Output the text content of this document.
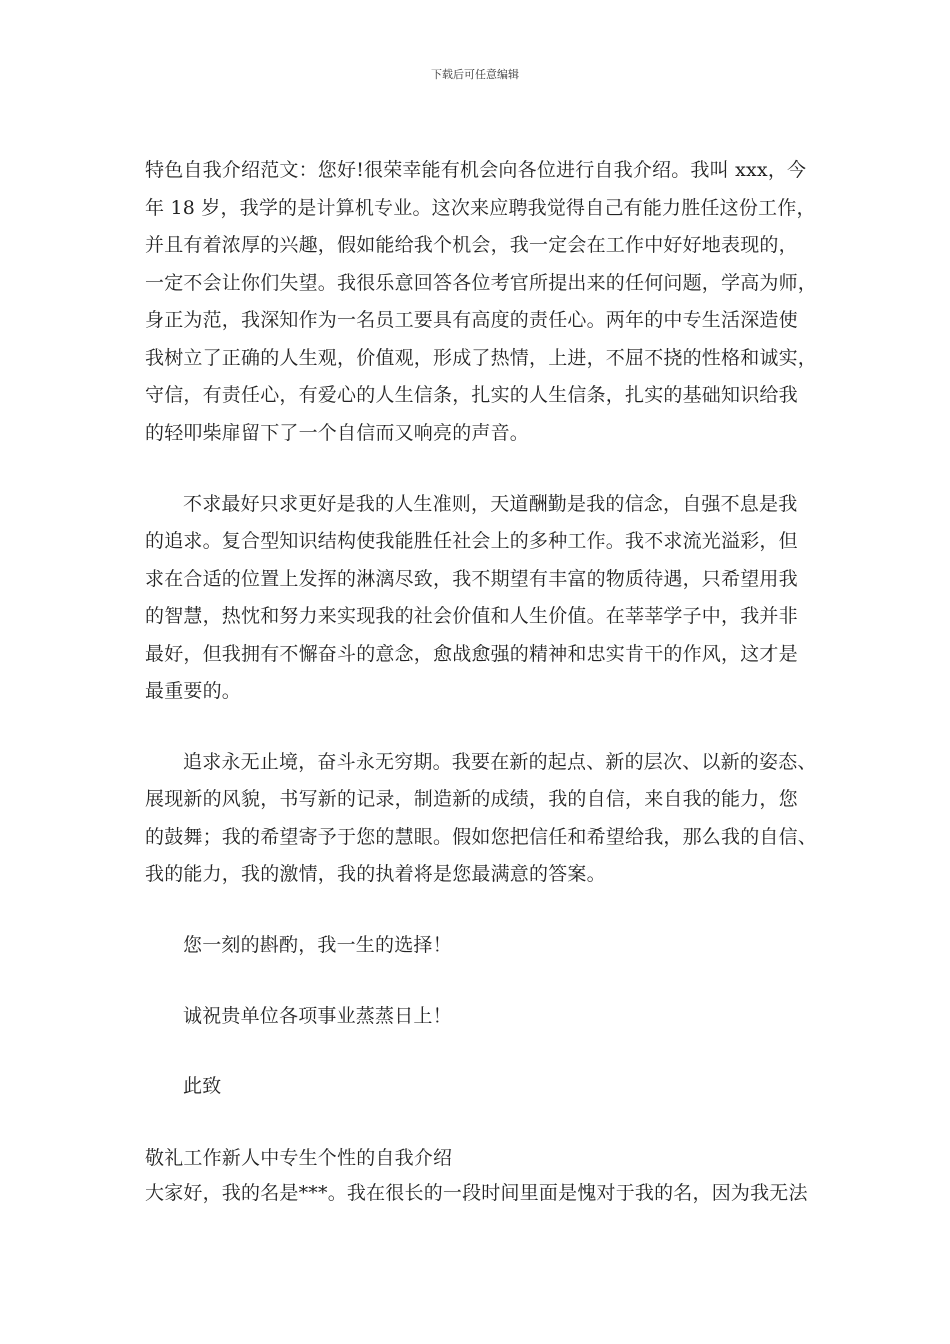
下载后可任意编辑
特色自我介绍范文：您好!很荣幸能有机会向各位进行自我介绍。我叫 xxx，今
年 18 岁，我学的是计算机专业。这次来应聘我觉得自己有能力胜任这份工作，
并且有着浓厚的兴趣，假如能给我个机会，我一定会在工作中好好地表现的，
一定不会让你们失望。我很乐意回答各位考官所提出来的任何问题，学高为师，
身正为范，我深知作为一名员工要具有高度的责任心。两年的中专生活深造使
我树立了正确的人生观，价值观，形成了热情，上进，不屈不挠的性格和诚实，
守信，有责任心，有爱心的人生信条，扎实的人生信条，扎实的基础知识给我
的轻叩柴扉留下了一个自信而又响亮的声音。
不求最好只求更好是我的人生准则，天道酬勤是我的信念，自强不息是我
的追求。复合型知识结构使我能胜任社会上的多种工作。我不求流光溢彩，但
求在合适的位置上发挥的淋漓尽致，我不期望有丰富的物质待遇，只希望用我
的智慧，热忱和努力来实现我的社会价值和人生价值。在莘莘学子中，我并非
最好，但我拥有不懈奋斗的意念，愈战愈强的精神和忠实肯干的作风，这才是
最重要的。
追求永无止境，奋斗永无穷期。我要在新的起点、新的层次、以新的姿态、
展现新的风貌，书写新的记录，制造新的成绩，我的自信，来自我的能力，您
的鼓舞；我的希望寄予于您的慧眼。假如您把信任和希望给我，那么我的自信、
我的能力，我的激情，我的执着将是您最满意的答案。
您一刻的斟酌，我一生的选择！
诚祝贵单位各项事业蒸蒸日上！
此致
敬礼工作新人中专生个性的自我介绍
大家好，我的名是***。我在很长的一段时间里面是愧对于我的名，因为我无法
